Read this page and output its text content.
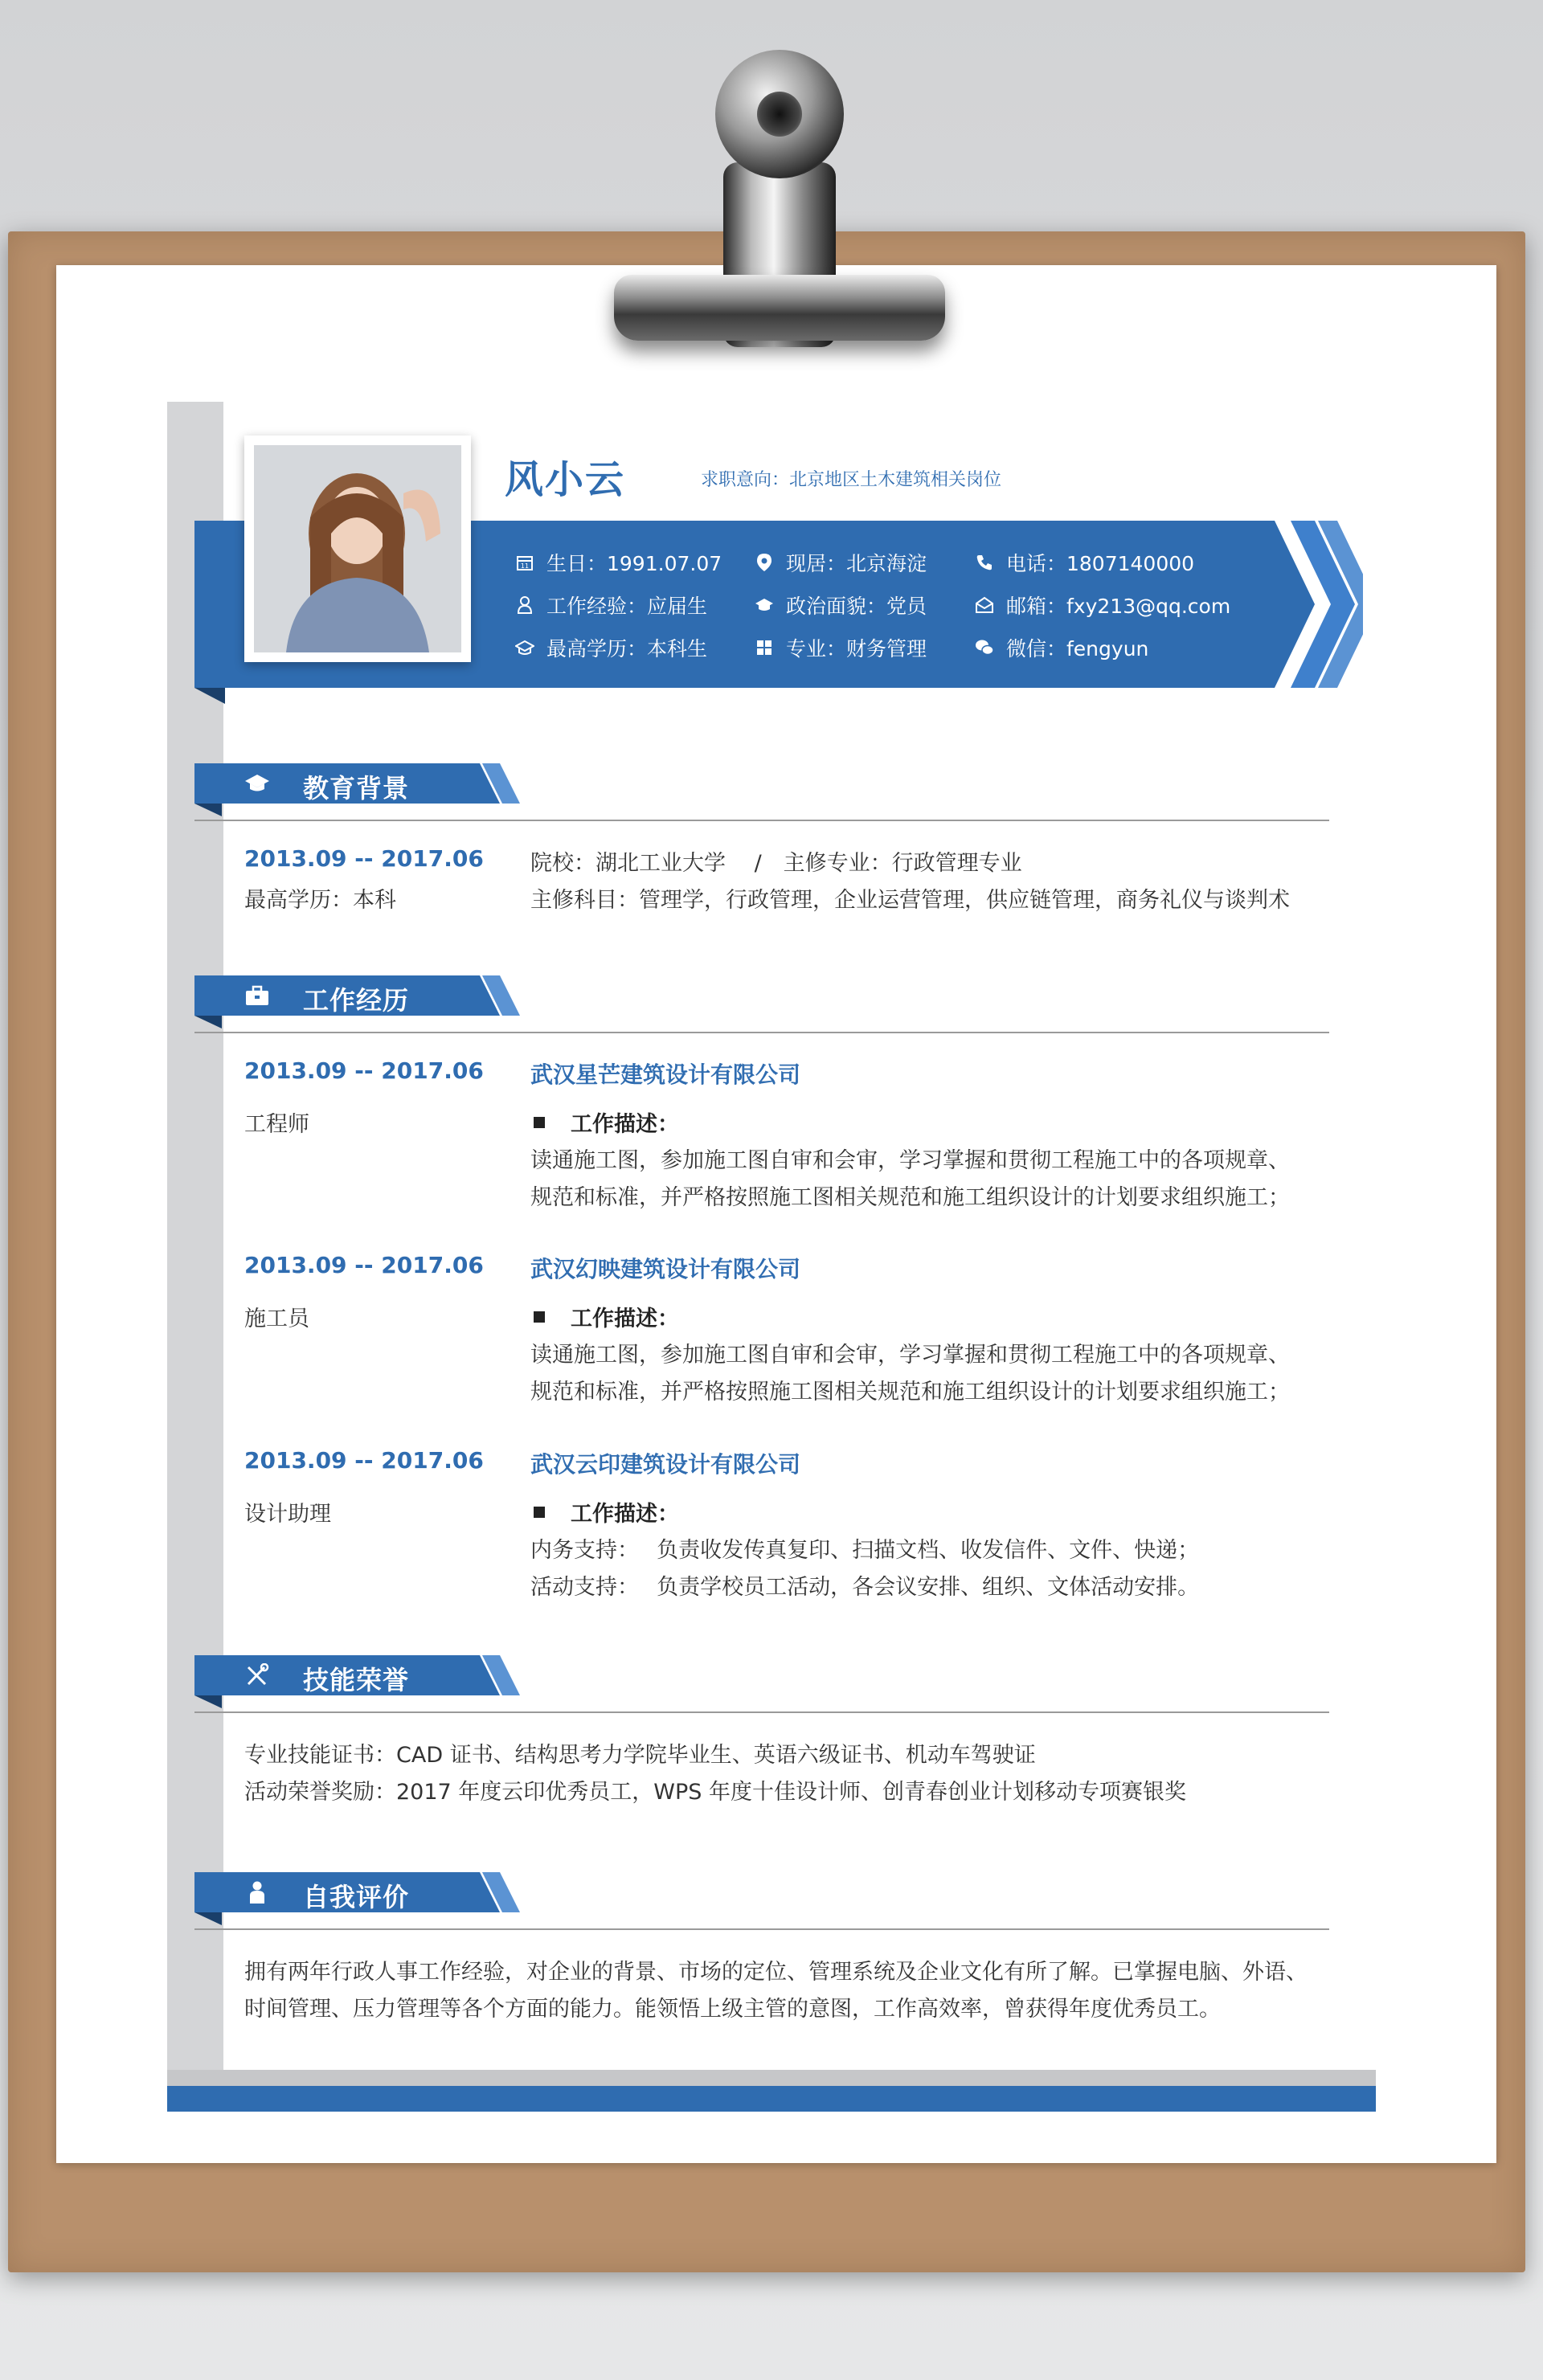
风小云	求职意向：北京地区土木建筑相关岗位
11 生日：1991.07.07
工作经验：应届生
最高学历：本科生
现居：北京海淀
政治面貌：党员
专业：财务管理
电话：1807140000
邮箱：fxy213@qq.com
微信：fengyun
教育背景
2013.09 -- 2017.06
最高学历：本科
院校：湖北工业大学　 /　主修专业：行政管理专业
主修科目：管理学，行政管理，企业运营管理，供应链管理，商务礼仪与谈判术
工作经历
2013.09 -- 2017.06
工程师
武汉星芒建筑设计有限公司
工作描述：
读通施工图，参加施工图自审和会审，学习掌握和贯彻工程施工中的各项规章、
规范和标准，并严格按照施工图相关规范和施工组织设计的计划要求组织施工；
2013.09 -- 2017.06
施工员
武汉幻映建筑设计有限公司
工作描述：
读通施工图，参加施工图自审和会审，学习掌握和贯彻工程施工中的各项规章、
规范和标准，并严格按照施工图相关规范和施工组织设计的计划要求组织施工；
2013.09 -- 2017.06
设计助理
武汉云印建筑设计有限公司
工作描述：
内务支持：　 负责收发传真复印、扫描文档、收发信件、文件、快递；
活动支持：　 负责学校员工活动，各会议安排、组织、文体活动安排。
技能荣誉
专业技能证书：CAD 证书、结构思考力学院毕业生、英语六级证书、机动车驾驶证
活动荣誉奖励：2017 年度云印优秀员工，WPS 年度十佳设计师、创青春创业计划移动专项赛银奖
自我评价
拥有两年行政人事工作经验，对企业的背景、市场的定位、管理系统及企业文化有所了解。已掌握电脑、外语、
时间管理、压力管理等各个方面的能力。能领悟上级主管的意图，工作高效率，曾获得年度优秀员工。
